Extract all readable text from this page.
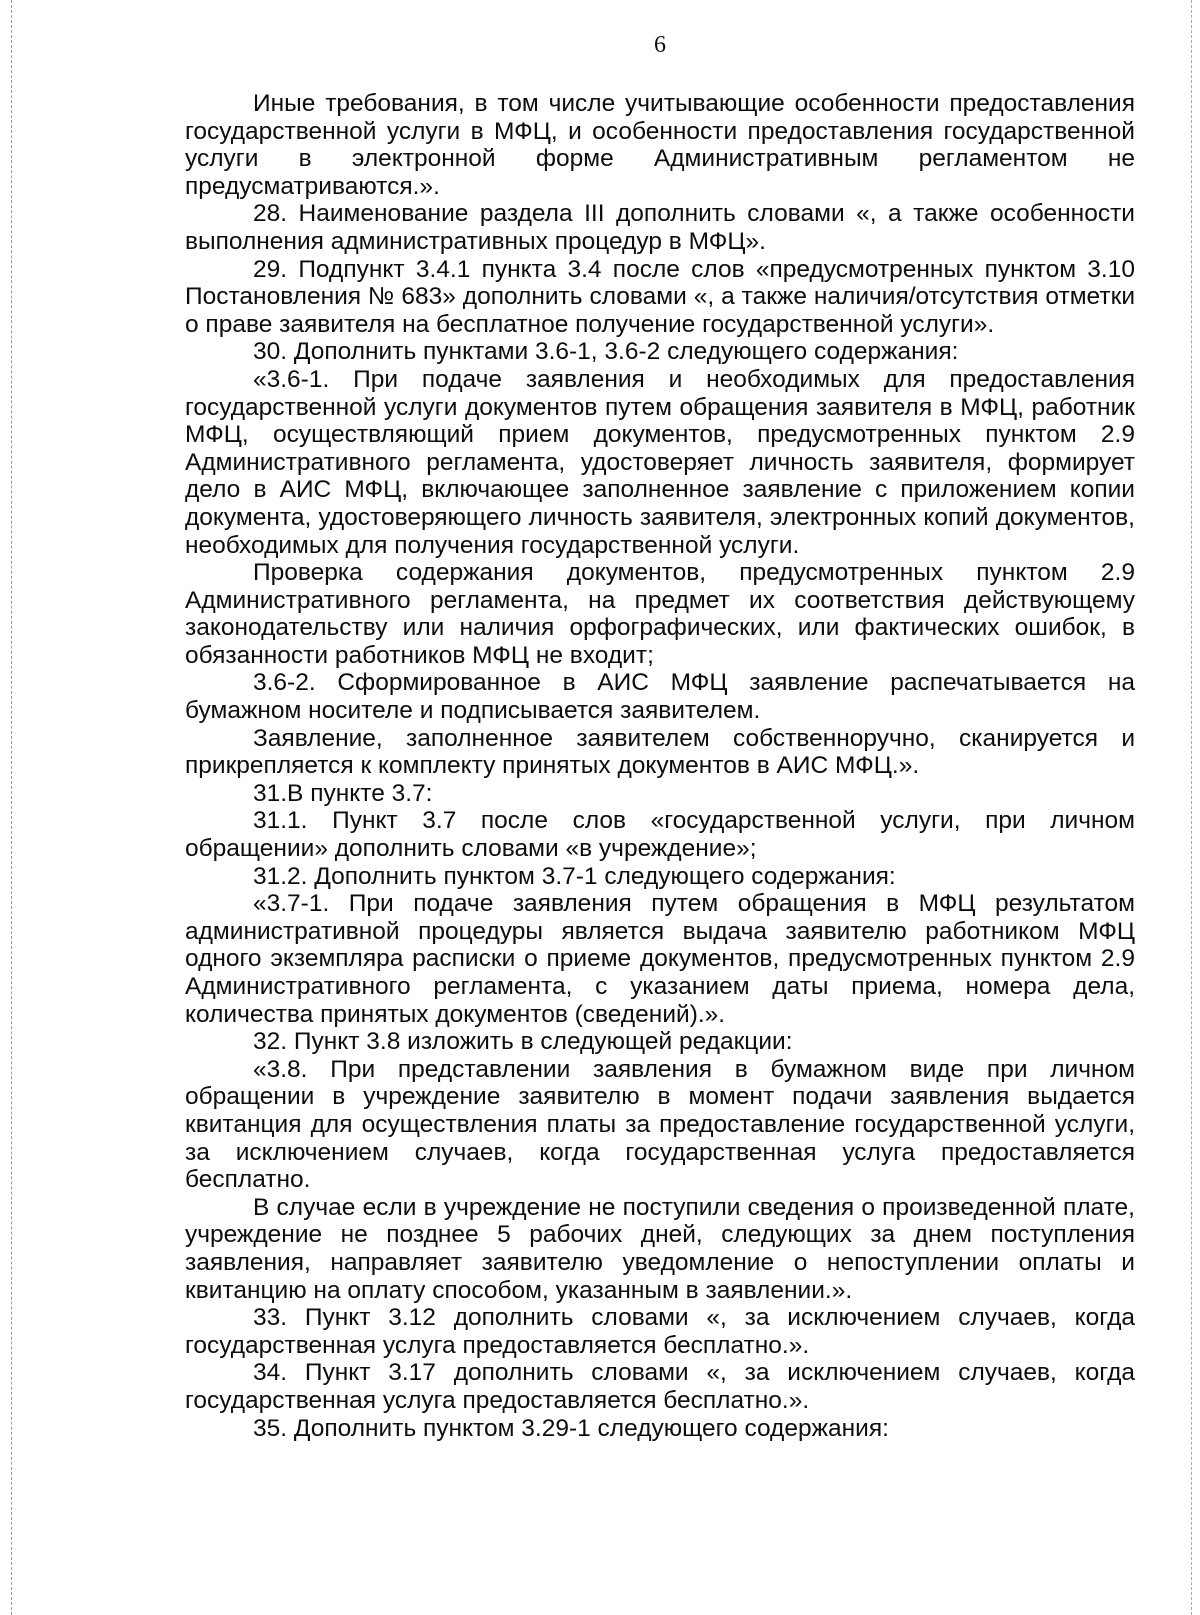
6

Иные требования, в том числе учитывающие особенности предоставления государственной услуги в МФЦ, и особенности предоставления государственной услуги в электронной форме Административным регламентом не предусматриваются.».

28. Наименование раздела III дополнить словами «, а также особенности выполнения административных процедур в МФЦ».

29. Подпункт 3.4.1 пункта 3.4 после слов «предусмотренных пунктом 3.10 Постановления № 683» дополнить словами «, а также наличия/отсутствия отметки о праве заявителя на бесплатное получение государственной услуги».

30. Дополнить пунктами 3.6-1, 3.6-2 следующего содержания:

«3.6-1. При подаче заявления и необходимых для предоставления государственной услуги документов путем обращения заявителя в МФЦ, работник МФЦ, осуществляющий прием документов, предусмотренных пунктом 2.9 Административного регламента, удостоверяет личность заявителя, формирует дело в АИС МФЦ, включающее заполненное заявление с приложением копии документа, удостоверяющего личность заявителя, электронных копий документов, необходимых для получения государственной услуги.

Проверка содержания документов, предусмотренных пунктом 2.9 Административного регламента, на предмет их соответствия действующему законодательству или наличия орфографических, или фактических ошибок, в обязанности работников МФЦ не входит;

3.6-2. Сформированное в АИС МФЦ заявление распечатывается на бумажном носителе и подписывается заявителем.

Заявление, заполненное заявителем собственноручно, сканируется и прикрепляется к комплекту принятых документов в АИС МФЦ.».

31.В пункте 3.7:

31.1. Пункт 3.7 после слов «государственной услуги, при личном обращении» дополнить словами «в учреждение»;

31.2. Дополнить пунктом 3.7-1 следующего содержания:

«3.7-1. При подаче заявления путем обращения в МФЦ результатом административной процедуры является выдача заявителю работником МФЦ одного экземпляра расписки о приеме документов, предусмотренных пунктом 2.9 Административного регламента, с указанием даты приема, номера дела, количества принятых документов (сведений).».

32. Пункт 3.8 изложить в следующей редакции:

«3.8. При представлении заявления в бумажном виде при личном обращении в учреждение заявителю в момент подачи заявления выдается квитанция для осуществления платы за предоставление государственной услуги, за исключением случаев, когда государственная услуга предоставляется бесплатно.

В случае если в учреждение не поступили сведения о произведенной плате, учреждение не позднее 5 рабочих дней, следующих за днем поступления заявления, направляет заявителю уведомление о непоступлении оплаты и квитанцию на оплату способом, указанным в заявлении.».

33. Пункт 3.12 дополнить словами «, за исключением случаев, когда государственная услуга предоставляется бесплатно.».

34. Пункт 3.17 дополнить словами «, за исключением случаев, когда государственная услуга предоставляется бесплатно.».

35. Дополнить пунктом 3.29-1 следующего содержания:
